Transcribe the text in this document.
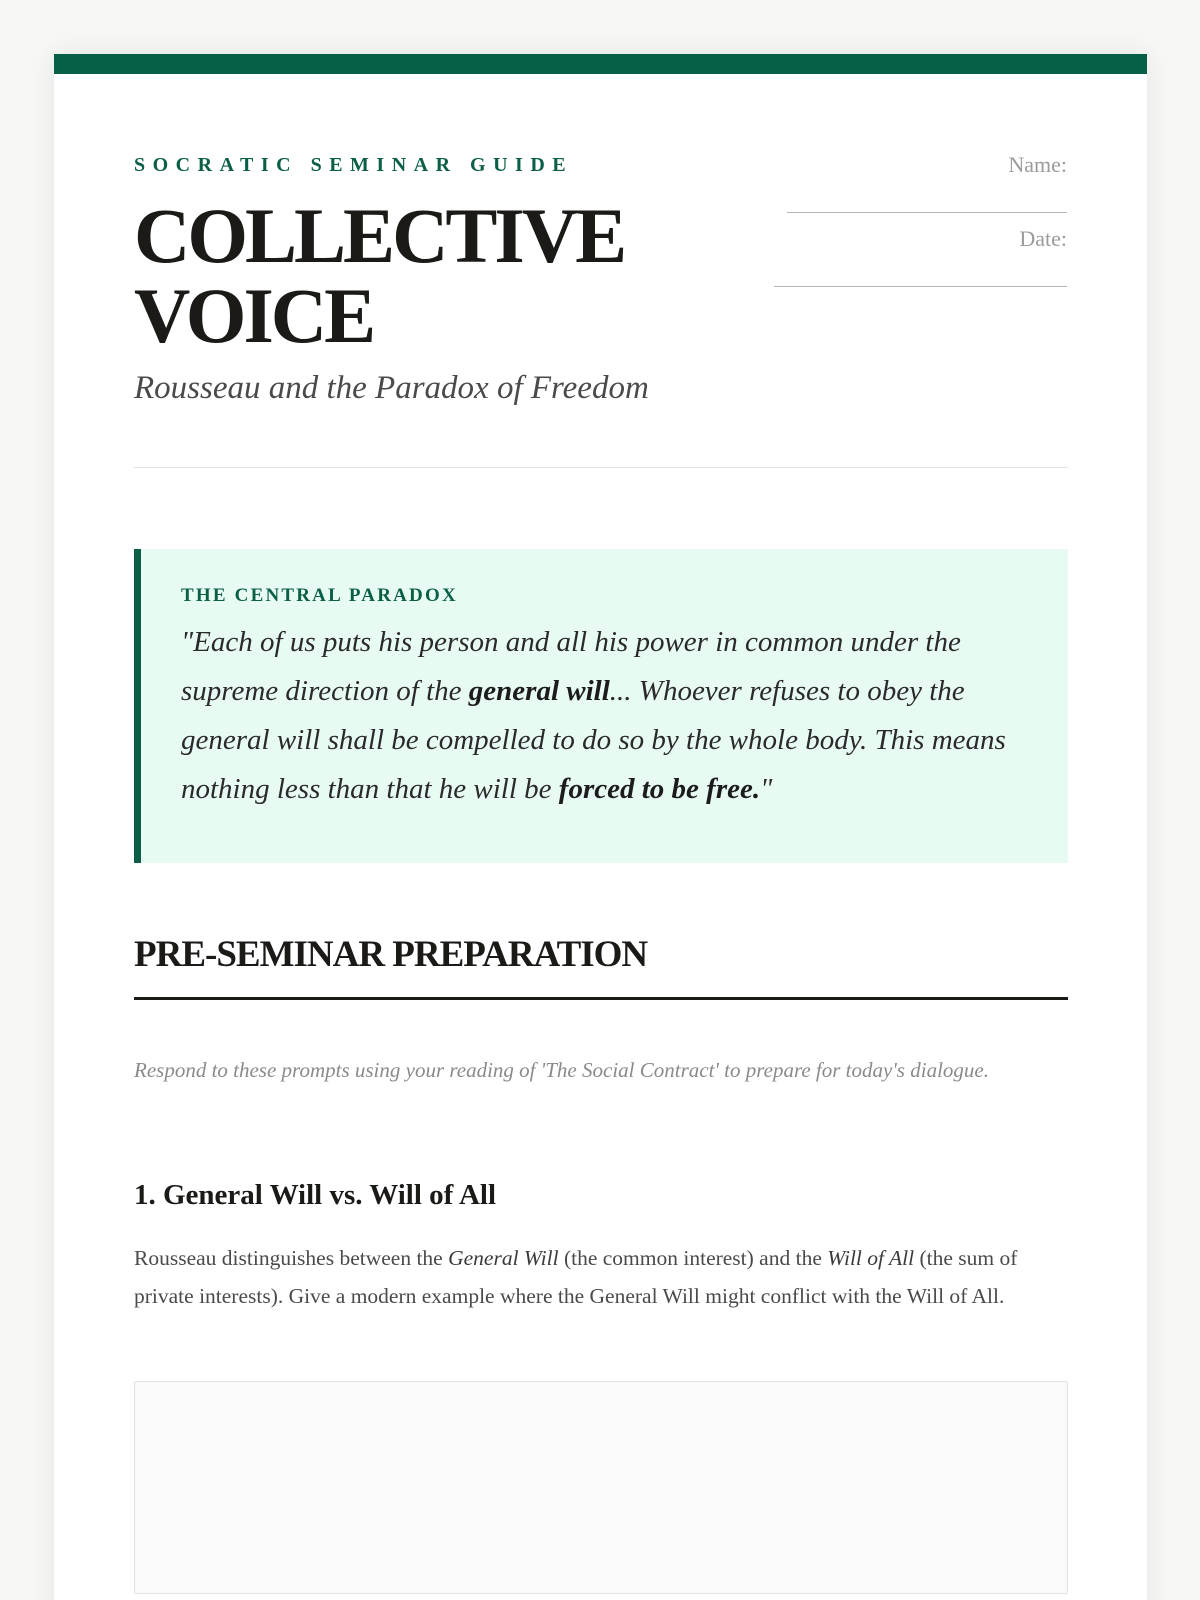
SOCRATIC SEMINAR GUIDE

COLLECTIVE VOICE

Rousseau and the Paradox of Freedom

Name:
Date:

THE CENTRAL PARADOX

"Each of us puts his person and all his power in common under the supreme direction of the general will... Whoever refuses to obey the general will shall be compelled to do so by the whole body. This means nothing less than that he will be forced to be free."

PRE-SEMINAR PREPARATION

Respond to these prompts using your reading of 'The Social Contract' to prepare for today's dialogue.

1. General Will vs. Will of All

Rousseau distinguishes between the General Will (the common interest) and the Will of All (the sum of private interests). Give a modern example where the General Will might conflict with the Will of All.
